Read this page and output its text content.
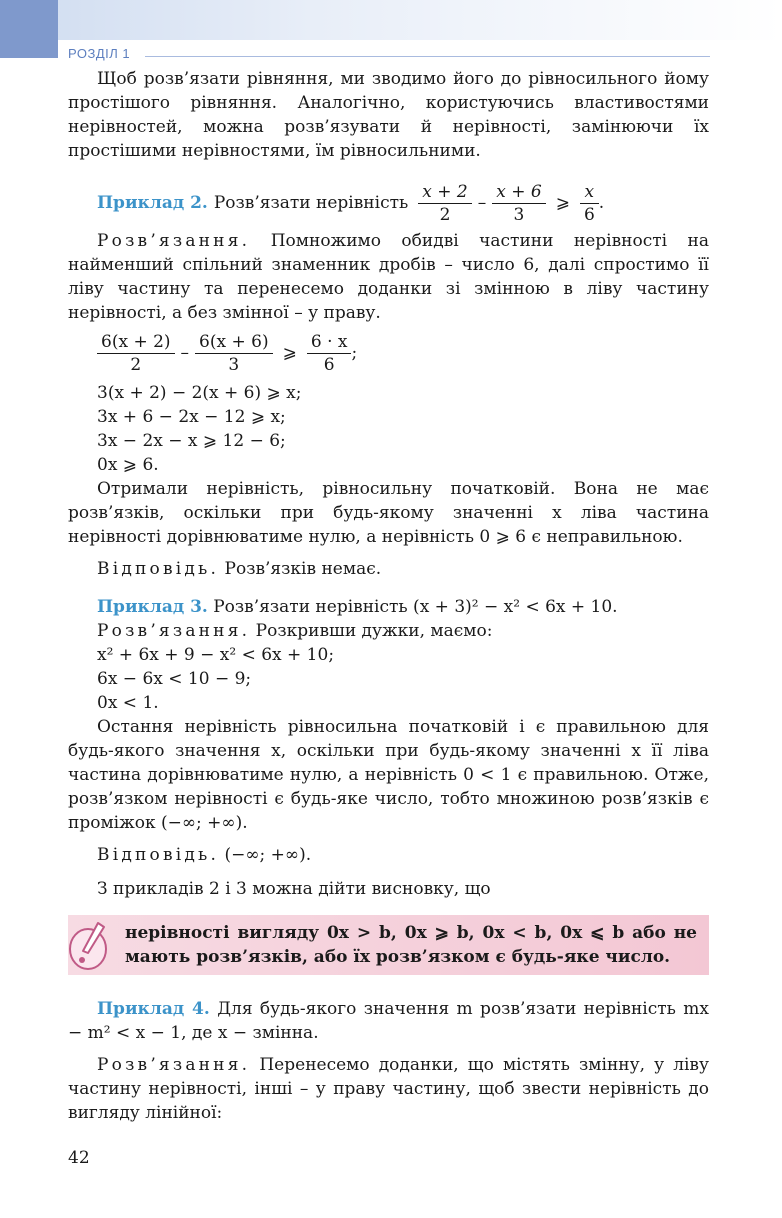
РОЗДІЛ 1

Щоб розв’язати рівняння, ми зводимо його до рівносильного йому простішого рівняння. Аналогічно, користуючись властивостями нерівностей, можна розв’язувати й нерівності, замінюючи їх простішими нерівностями, їм рівносильними.

Приклад 2. Розв’язати нерівність $\frac{x + 2}{2} - \frac{x + 6}{3}$ ⩾ $\frac{x}{6}$ .

Розв’язання. Помножимо обидві частини нерівності на найменший спільний знаменник дробів – число 6, далі спростимо її ліву частину та перенесемо доданки зі змінною в ліву частину нерівності, а без змінної – у праву.

$\frac{6(x + 2)}{2} - \frac{6(x + 6)}{3}$ ⩾ $\frac{6 \cdot x}{6}$ ;

3(x + 2) − 2(x + 6) ⩾ x;

3x + 6 − 2x − 12 ⩾ x;

3x − 2x − x ⩾ 12 − 6;

0x ⩾ 6.

Отримали нерівність, рівносильну початковій. Вона не має розв’язків, оскільки при будь-якому значенні x ліва частина нерівності дорівнюватиме нулю, а нерівність 0 ⩾ 6 є неправильною.

Відповідь. Розв’язків немає.

Приклад 3. Розв’язати нерівність (x + 3)² − x² < 6x + 10.

Розв’язання. Розкривши дужки, маємо:

x² + 6x + 9 − x² < 6x + 10;

6x − 6x < 10 − 9;

0x < 1.

Остання нерівність рівносильна початковій і є правильною для будь-якого значення x, оскільки при будь-якому значенні x її ліва частина дорівнюватиме нулю, а нерівність 0 < 1 є правильною. Отже, розв’язком нерівності є будь-яке число, тобто множиною розв’язків є проміжок (−∞; +∞).

Відповідь. (−∞; +∞).

З прикладів 2 і 3 можна дійти висновку, що

нерівності вигляду 0x > b, 0x ⩾ b, 0x < b, 0x ⩽ b або не мають розв’язків, або їх розв’язком є будь-яке число.

Приклад 4. Для будь-якого значення m розв’язати нерівність mx − m² < x − 1, де x − змінна.

Розв’язання. Перенесемо доданки, що містять змінну, у ліву частину нерівності, інші – у праву частину, щоб звести нерівність до вигляду лінійної:

42
